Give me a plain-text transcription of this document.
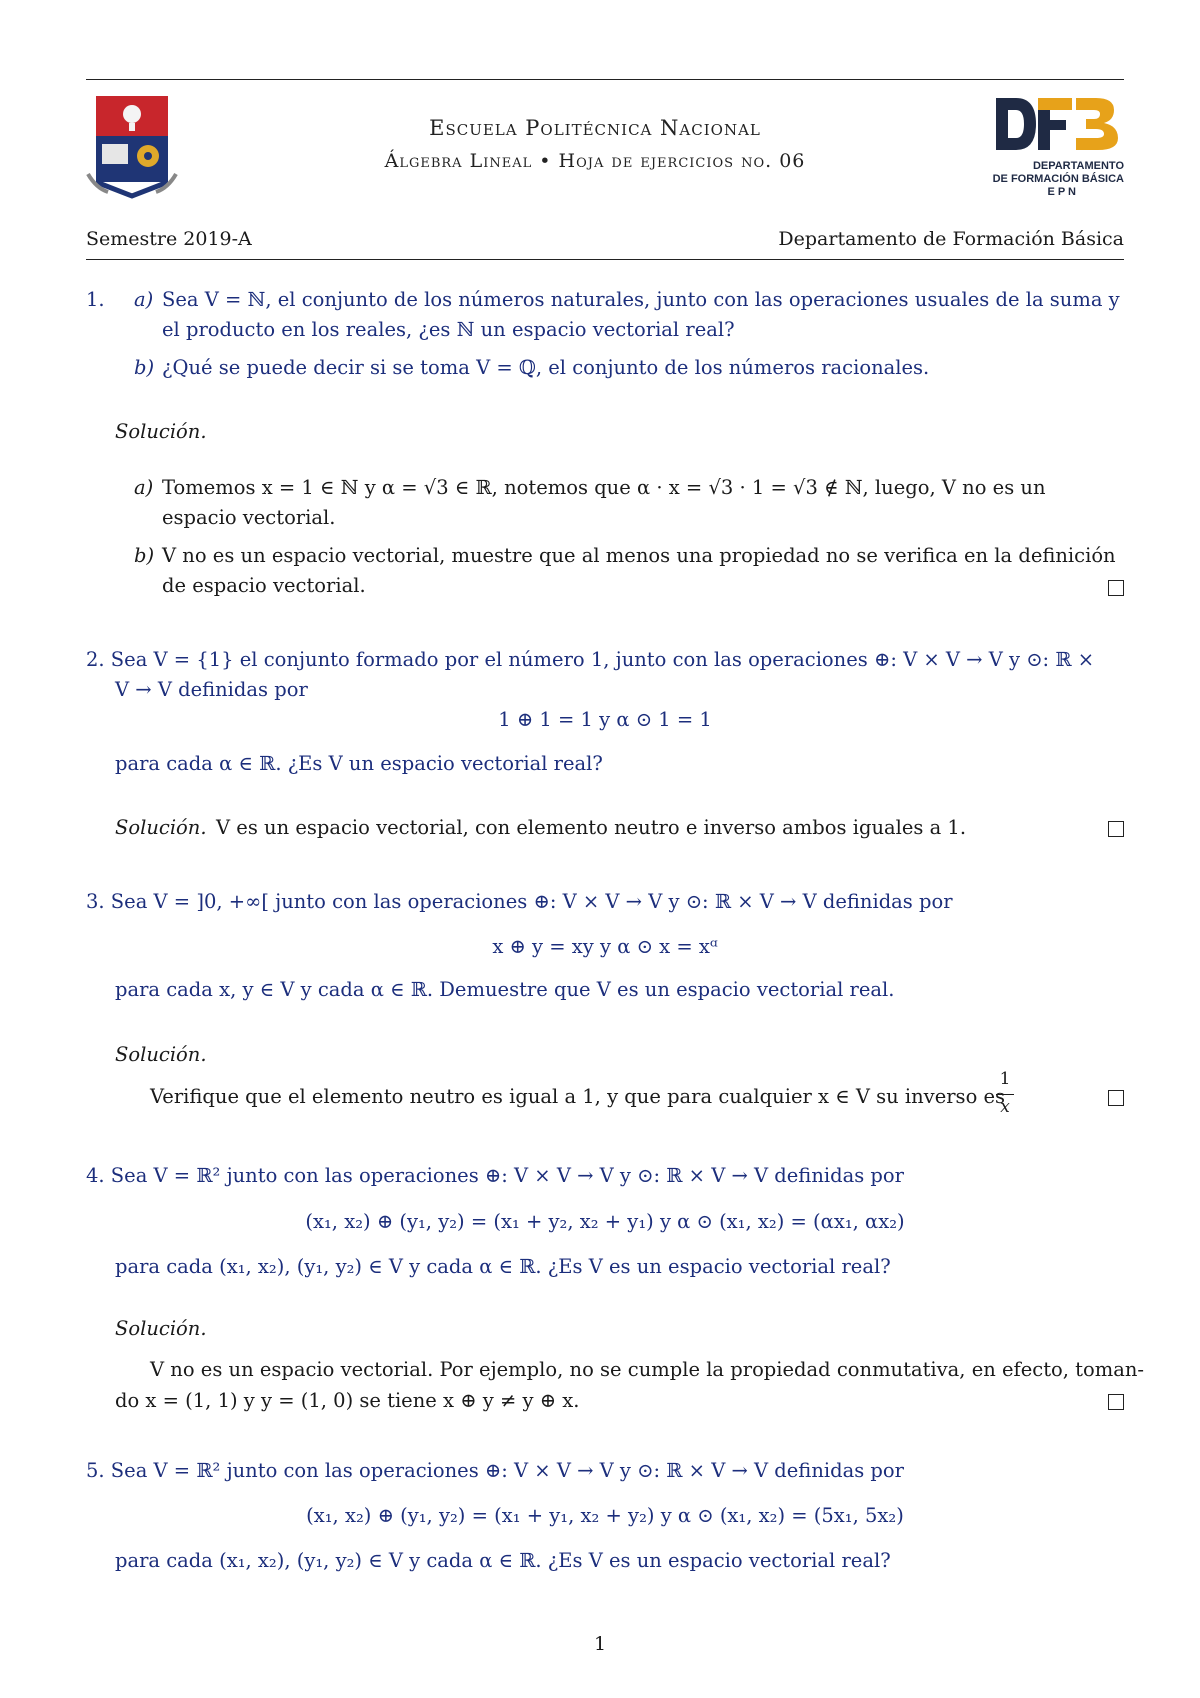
Escuela Politécnica Nacional
Álgebra Lineal • Hoja de ejercicios no. 06	DEPARTAMENTO
DE FORMACIÓN BÁSICA
E P N
Semestre 2019-A	Departamento de Formación Básica
1. a) Sea V = ℕ, el conjunto de los números naturales, junto con las operaciones usuales de la suma y
el producto en los reales, ¿es ℕ un espacio vectorial real?
b) ¿Qué se puede decir si se toma V = ℚ, el conjunto de los números racionales.
Solución.
a) Tomemos x = 1 ∈ ℕ y α = √3 ∈ ℝ, notemos que α · x = √3 · 1 = √3 ∉ ℕ, luego, V no es un
espacio vectorial.
b) V no es un espacio vectorial, muestre que al menos una propiedad no se verifica en la definición
de espacio vectorial.
2. Sea V = {1} el conjunto formado por el número 1, junto con las operaciones ⊕: V × V → V y ⊙: ℝ ×
V → V definidas por
1 ⊕ 1 = 1 y α ⊙ 1 = 1
para cada α ∈ ℝ. ¿Es V un espacio vectorial real?
Solución. V es un espacio vectorial, con elemento neutro e inverso ambos iguales a 1.
3. Sea V = ]0, +∞[ junto con las operaciones ⊕: V × V → V y ⊙: ℝ × V → V definidas por
x ⊕ y = xy y α ⊙ x = xᵅ
para cada x, y ∈ V y cada α ∈ ℝ. Demuestre que V es un espacio vectorial real.
Solución.
Verifique que el elemento neutro es igual a 1, y que para cualquier x ∈ V su inverso es
1
x
4. Sea V = ℝ² junto con las operaciones ⊕: V × V → V y ⊙: ℝ × V → V definidas por
(x₁, x₂) ⊕ (y₁, y₂) = (x₁ + y₂, x₂ + y₁) y α ⊙ (x₁, x₂) = (αx₁, αx₂)
para cada (x₁, x₂), (y₁, y₂) ∈ V y cada α ∈ ℝ. ¿Es V es un espacio vectorial real?
Solución.
V no es un espacio vectorial. Por ejemplo, no se cumple la propiedad conmutativa, en efecto, toman-
do x = (1, 1) y y = (1, 0) se tiene x ⊕ y ≠ y ⊕ x.
5. Sea V = ℝ² junto con las operaciones ⊕: V × V → V y ⊙: ℝ × V → V definidas por
(x₁, x₂) ⊕ (y₁, y₂) = (x₁ + y₁, x₂ + y₂) y α ⊙ (x₁, x₂) = (5x₁, 5x₂)
para cada (x₁, x₂), (y₁, y₂) ∈ V y cada α ∈ ℝ. ¿Es V es un espacio vectorial real?
1
